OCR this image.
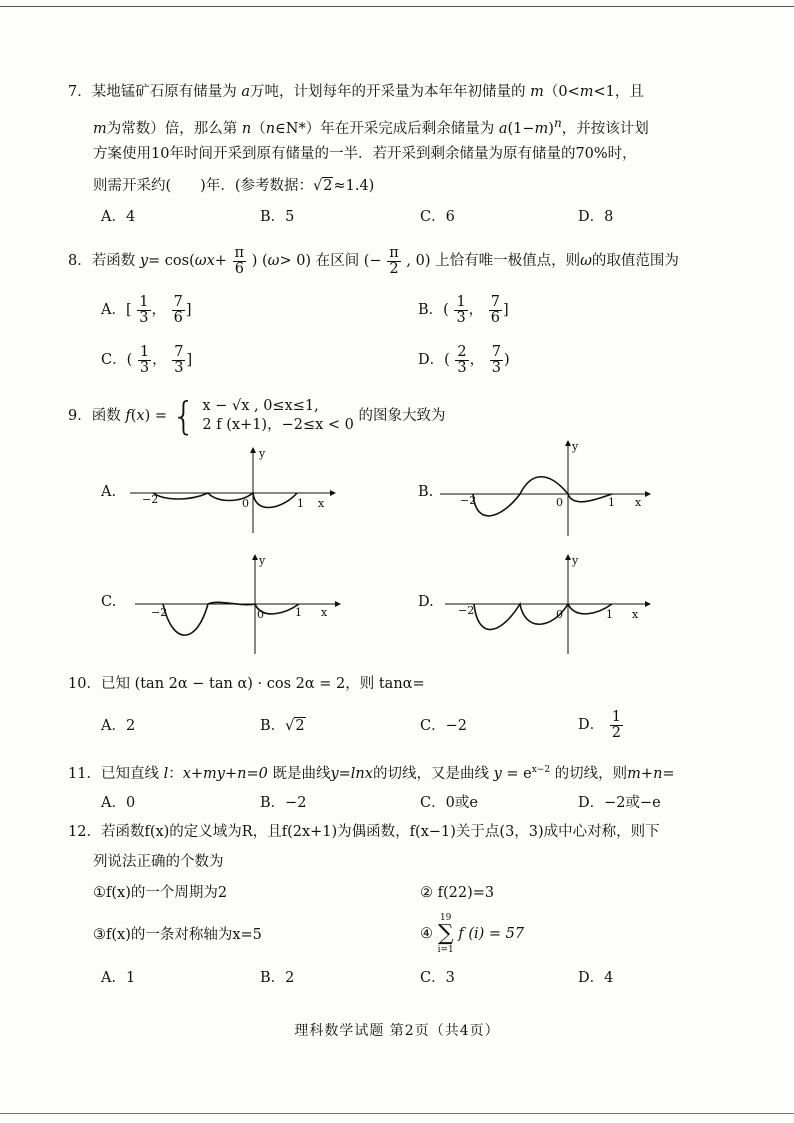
7．某地锰矿石原有储量为 a万吨，计划每年的开采量为本年年初储量的 m（0<m<1，且
m为常数）倍，那么第 n（n∈N*）年在开采完成后剩余储量为 $a(1-m)^n$，并按该计划
方案使用10年时间开采到原有储量的一半．若开采到剩余储量为原有储量的70%时，
则需开采约(　　)年．(参考数据：√2≈1.4)
A．4	B．5	C．6	D．8
8．若函数 $y= \cos(\omega x+ \frac{\pi}{6}$ ) (ω> 0) 在区间 (− $\frac{\pi}{2}$ , 0) 上恰有唯一极值点，则ω的取值范围为
A．[ $\frac{1}{3}$ ， $\frac{7}{6}$ ]	B．( $\frac{1}{3}$ ， $\frac{7}{6}$ ]
C．( $\frac{1}{3}$ ， $\frac{7}{3}$ ]	D．( $\frac{2}{3}$ ， $\frac{7}{3}$ )
9．函数 f(x) = { x − √x , 0≤x≤1,
2 f (x+1)，−2≤x < 0
的图象大致为
A.
y
x
−2	0	1
B.
y
x
−2	0	1
C.
y
x
−2	0	1
D.
y
x
−2	0	1
10．已知 (tan 2α − tan α) · cos 2α = 2，则 tanα=
A．2	B．√2	C．−2	D． $\frac{1}{2}$
11．已知直线 l：x+my+n=0 既是曲线y=lnx的切线，又是曲线 $y = e^{x-2}$ 的切线，则m+n=
A．0	B．−2	C．0或e	D．−2或−e
12．若函数f(x)的定义域为R，且f(2x+1)为偶函数，f(x−1)关于点(3，3)成中心对称，则下
列说法正确的个数为
①f(x)的一个周期为2	② f(22)=3
③f(x)的一条对称轴为x=5	④
19
∑
i=1
f (i) = 57
A．1	B．2	C．3	D．4
理科数学试题 第2页（共4页）
